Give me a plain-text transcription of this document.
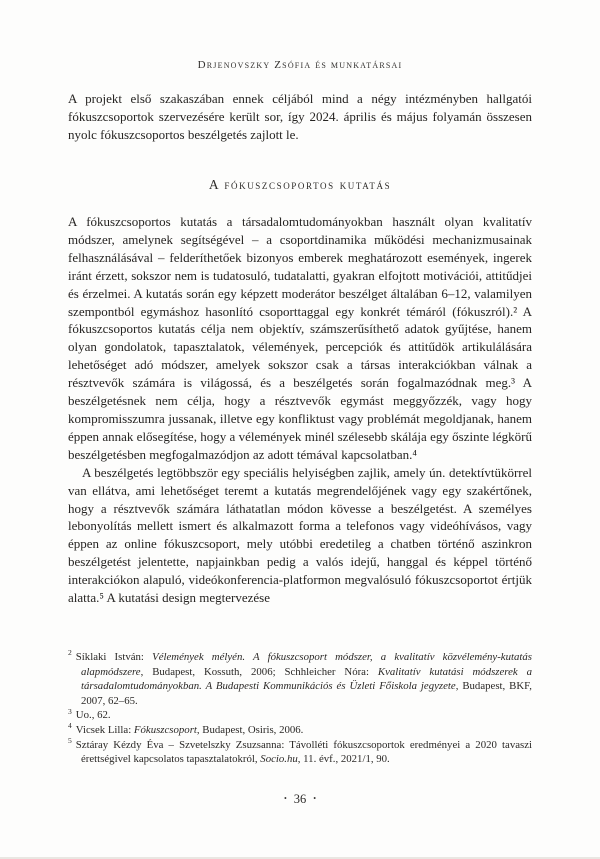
Drjenovszky Zsófia és munkatársai

A projekt első szakaszában ennek céljából mind a négy intézményben hallgatói fókuszcsoportok szervezésére került sor, így 2024. április és május folyamán összesen nyolc fókuszcsoportos beszélgetés zajlott le.

A fókuszcsoportos kutatás

A fókuszcsoportos kutatás a társadalomtudományokban használt olyan kvalitatív módszer, amelynek segítségével – a csoportdinamika működési mechanizmusainak felhasználásával – felderíthetőek bizonyos emberek meghatározott események, ingerek iránt érzett, sokszor nem is tudatosuló, tudatalatti, gyakran elfojtott motivációi, attitűdjei és érzelmei. A kutatás során egy képzett moderátor beszélget általában 6–12, valamilyen szempontból egymáshoz hasonlító csoporttaggal egy konkrét témáról (fókuszról).² A fókuszcsoportos kutatás célja nem objektív, számszerűsíthető adatok gyűjtése, hanem olyan gondolatok, tapasztalatok, vélemények, percepciók és attitűdök artikulálására lehetőséget adó módszer, amelyek sokszor csak a társas interakciókban válnak a résztvevők számára is világossá, és a beszélgetés során fogalmazódnak meg.³ A beszélgetésnek nem célja, hogy a résztvevők egymást meggyőzzék, vagy hogy kompromisszumra jussanak, illetve egy konfliktust vagy problémát megoldjanak, hanem éppen annak elősegítése, hogy a vélemények minél szélesebb skálája egy őszinte légkörű beszélgetésben megfogalmazódjon az adott témával kapcsolatban.⁴

A beszélgetés legtöbbször egy speciális helyiségben zajlik, amely ún. detektívtükörrel van ellátva, ami lehetőséget teremt a kutatás megrendelőjének vagy egy szakértőnek, hogy a résztvevők számára láthatatlan módon kövesse a beszélgetést. A személyes lebonyolítás mellett ismert és alkalmazott forma a telefonos vagy videóhívásos, vagy éppen az online fókuszcsoport, mely utóbbi eredetileg a chatben történő aszinkron beszélgetést jelentette, napjainkban pedig a valós idejű, hanggal és képpel történő interakciókon alapuló, videókonferencia-platformon megvalósuló fókuszcsoportot értjük alatta.⁵ A kutatási design megtervezése

$^2$ Síklaki István: Vélemények mélyén. A fókuszcsoport módszer, a kvalitatív közvélemény-kutatás alapmódszere, Budapest, Kossuth, 2006; Schhleicher Nóra: Kvalitatív kutatási módszerek a társadalomtudományokban. A Budapesti Kommunikációs és Üzleti Főiskola jegyzete, Budapest, BKF, 2007, 62–65.
$^3$ Uo., 62.
$^4$ Vicsek Lilla: Fókuszcsoport, Budapest, Osiris, 2006.
$^5$ Sztáray Kézdy Éva – Szvetelszky Zsuzsanna: Távolléti fókuszcsoportok eredményei a 2020 tavaszi érettségivel kapcsolatos tapasztalatokról, Socio.hu, 11. évf., 2021/1, 90.
• 36 •
